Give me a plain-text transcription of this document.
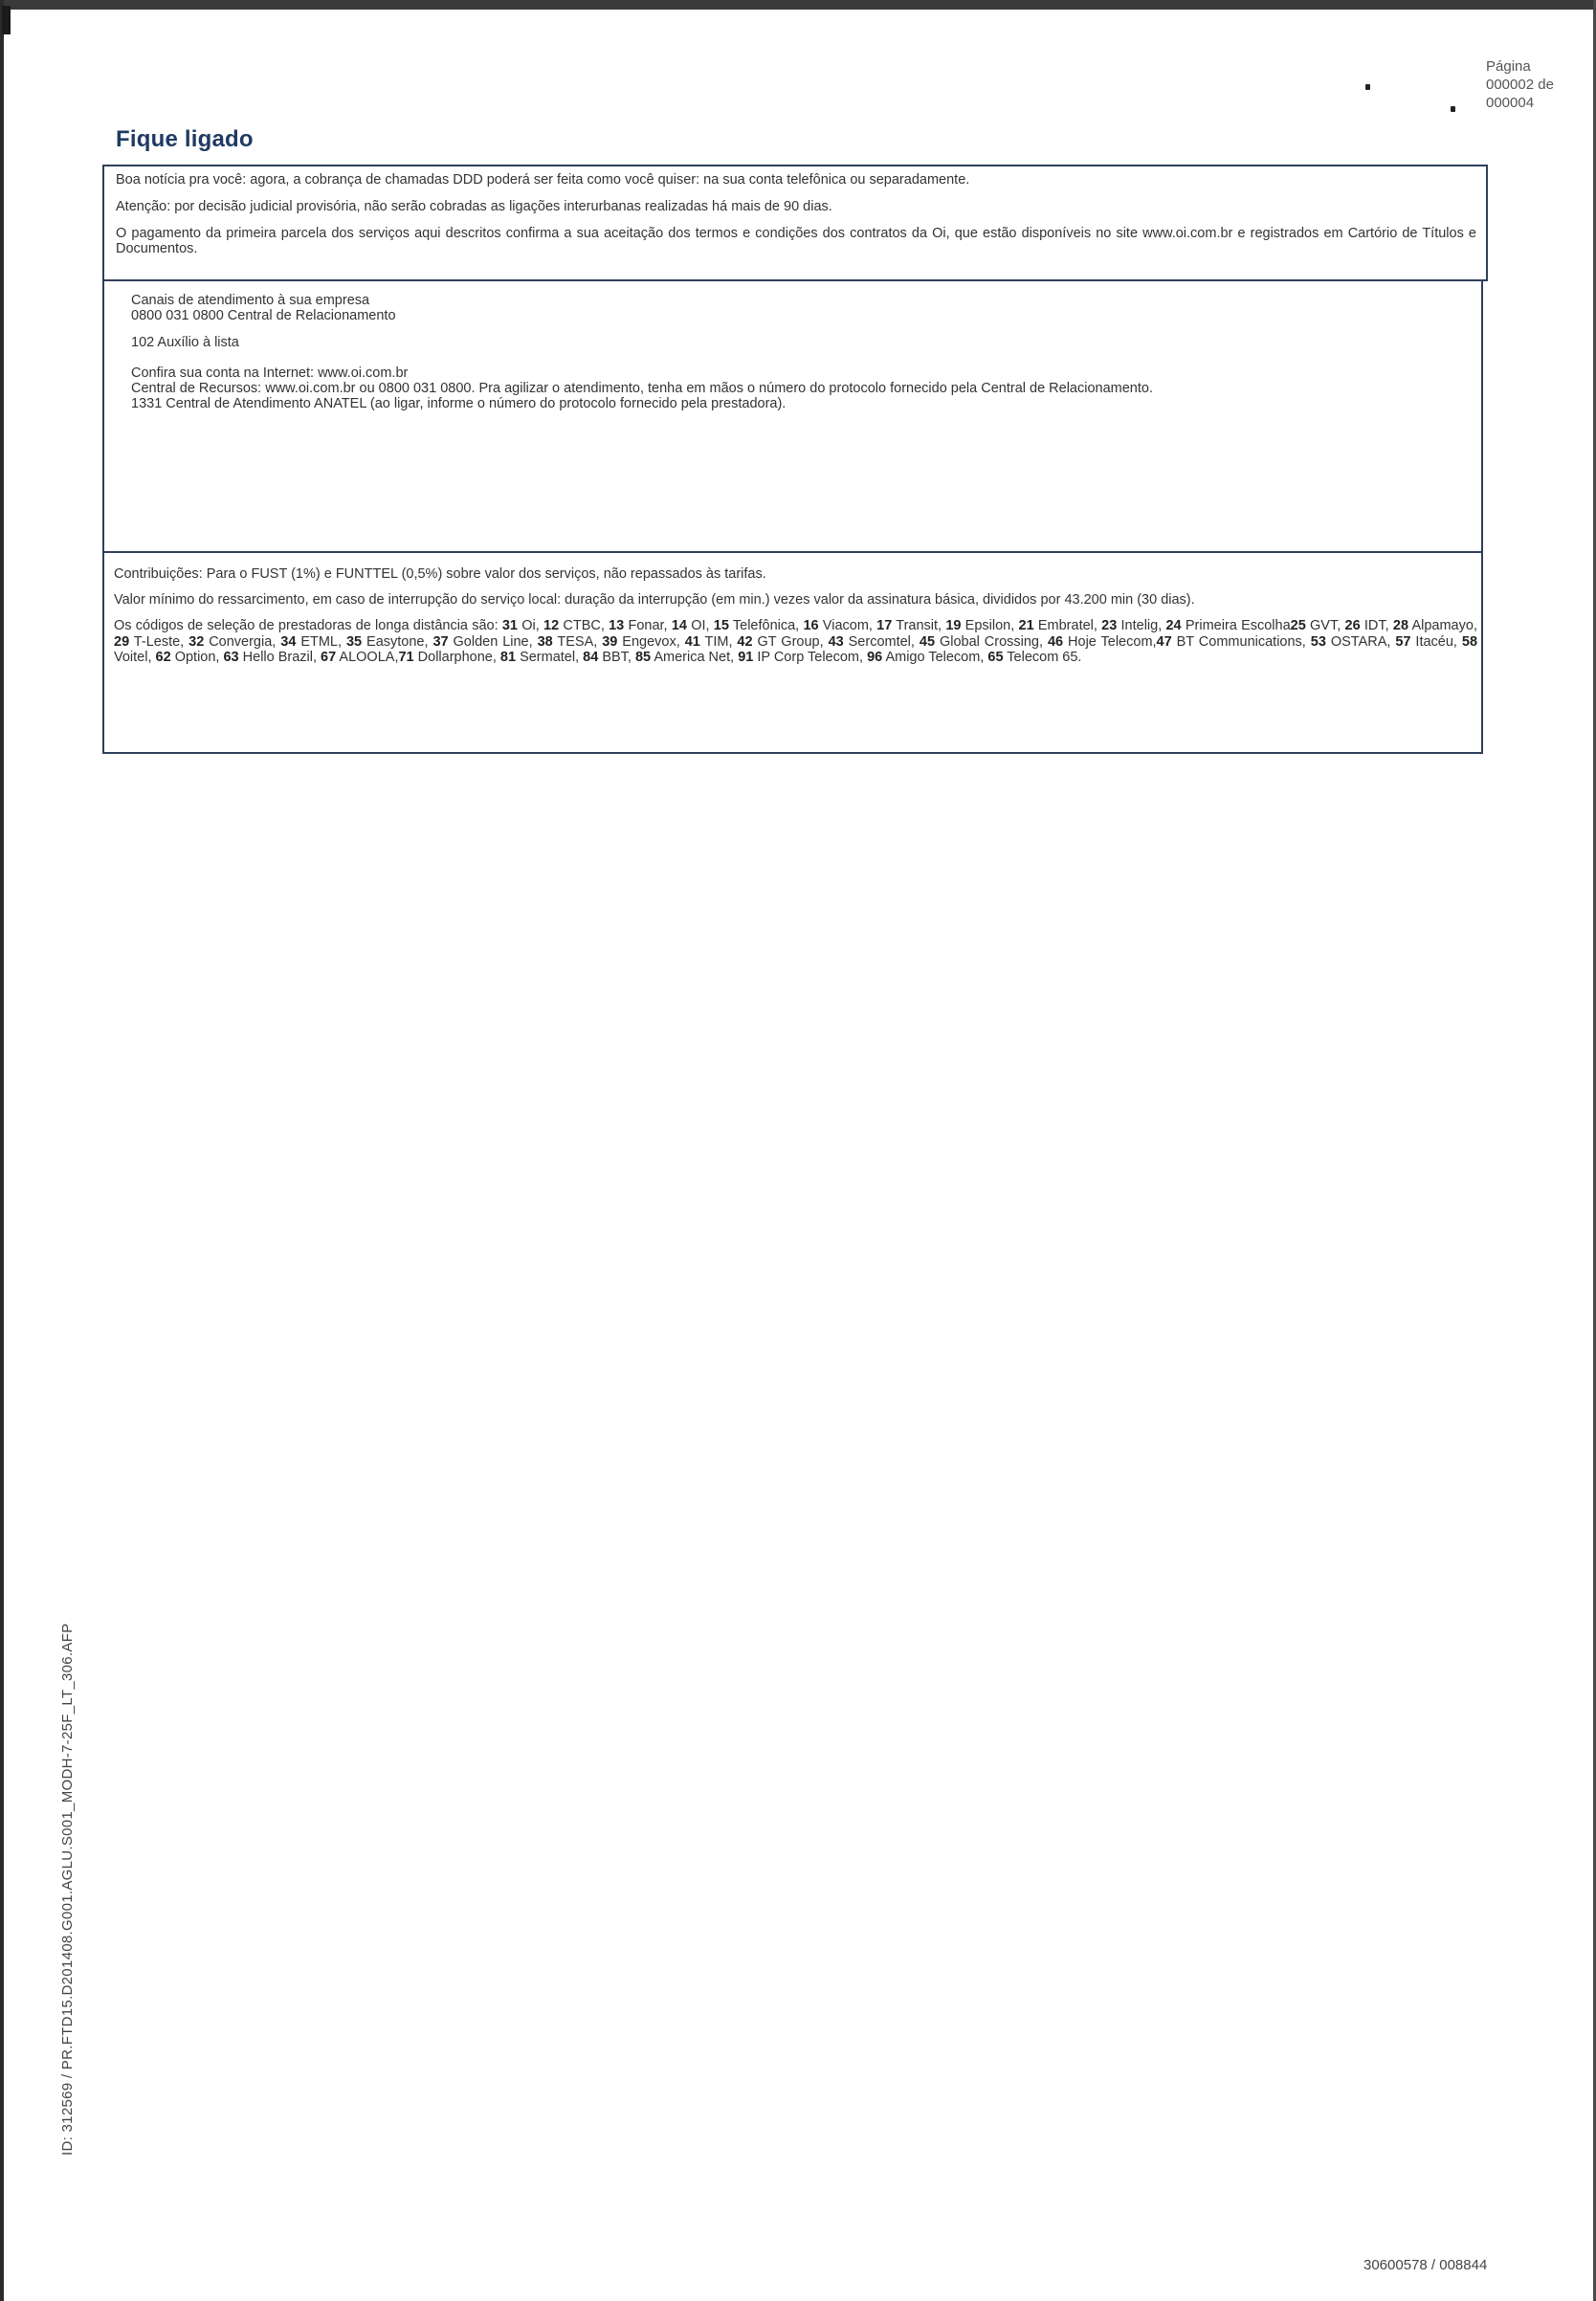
Página
000002 de
000004
Fique ligado

Boa notícia pra você: agora, a cobrança de chamadas DDD poderá ser feita como você quiser: na sua conta telefônica ou separadamente.

Atenção: por decisão judicial provisória, não serão cobradas as ligações interurbanas realizadas há mais de 90 dias.

O pagamento da primeira parcela dos serviços aqui descritos confirma a sua aceitação dos termos e condições dos contratos da Oi, que estão disponíveis no site www.oi.com.br e registrados em Cartório de Títulos e Documentos.

Canais de atendimento à sua empresa
0800 031 0800 Central de Relacionamento
102 Auxílio à lista
Confira sua conta na Internet: www.oi.com.br
Central de Recursos: www.oi.com.br ou 0800 031 0800. Pra agilizar o atendimento, tenha em mãos o número do protocolo fornecido pela Central de Relacionamento.
1331 Central de Atendimento ANATEL (ao ligar, informe o número do protocolo fornecido pela prestadora).

Contribuições: Para o FUST (1%) e FUNTTEL (0,5%) sobre valor dos serviços, não repassados às tarifas.

Valor mínimo do ressarcimento, em caso de interrupção do serviço local: duração da interrupção (em min.) vezes valor da assinatura básica, divididos por 43.200 min (30 dias).

Os códigos de seleção de prestadoras de longa distância são: 31 Oi, 12 CTBC, 13 Fonar, 14 OI, 15 Telefônica, 16 Viacom, 17 Transit, 19 Epsilon, 21 Embratel, 23 Intelig, 24 Primeira Escolha25 GVT, 26 IDT, 28 Alpamayo, 29 T-Leste, 32 Convergia, 34 ETML, 35 Easytone, 37 Golden Line, 38 TESA, 39 Engevox, 41 TIM, 42 GT Group, 43 Sercomtel, 45 Global Crossing, 46 Hoje Telecom,47 BT Communications, 53 OSTARA, 57 Itacéu, 58 Voitel, 62 Option, 63 Hello Brazil, 67 ALOOLA,71 Dollarphone, 81 Sermatel, 84 BBT, 85 America Net, 91 IP Corp Telecom, 96 Amigo Telecom, 65 Telecom 65.
ID: 312569 / PR.FTD15.D201408.G001.AGLU.S001_MODH-7-25F_LT_306.AFP
30600578 / 008844
